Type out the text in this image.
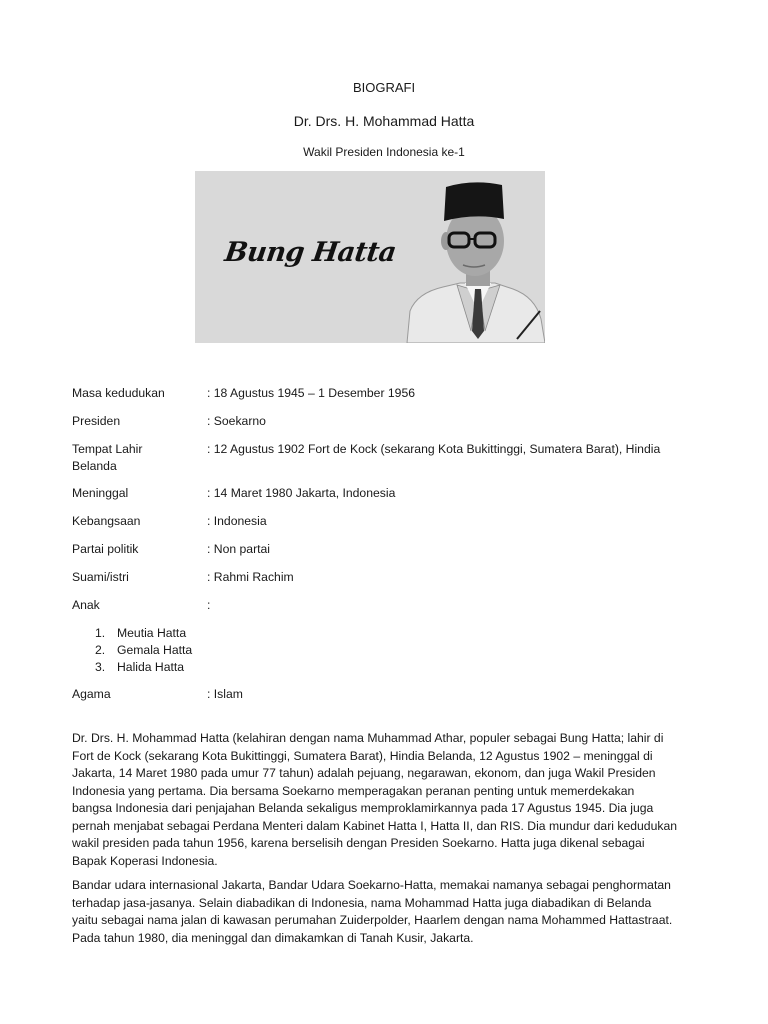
BIOGRAFI
Dr. Drs. H. Mohammad Hatta
Wakil Presiden Indonesia ke-1
Bung Hatta
Masa kedudukan	: 18 Agustus 1945 – 1 Desember 1956
Presiden	: Soekarno
Tempat Lahir	: 12 Agustus 1902 Fort de Kock (sekarang Kota Bukittinggi, Sumatera Barat), Hindia
Belanda
Meninggal	: 14 Maret 1980 Jakarta, Indonesia
Kebangsaan	: Indonesia
Partai politik	: Non partai
Suami/istri	: Rahmi Rachim
Anak	:
1. Meutia Hatta
2. Gemala Hatta
3. Halida Hatta
Agama	: Islam
Dr. Drs. H. Mohammad Hatta (kelahiran dengan nama Muhammad Athar, populer sebagai Bung Hatta; lahir di
Fort de Kock (sekarang Kota Bukittinggi, Sumatera Barat), Hindia Belanda, 12 Agustus 1902 – meninggal di
Jakarta, 14 Maret 1980 pada umur 77 tahun) adalah pejuang, negarawan, ekonom, dan juga Wakil Presiden
Indonesia yang pertama. Dia bersama Soekarno memperagakan peranan penting untuk memerdekakan
bangsa Indonesia dari penjajahan Belanda sekaligus memproklamirkannya pada 17 Agustus 1945. Dia juga
pernah menjabat sebagai Perdana Menteri dalam Kabinet Hatta I, Hatta II, dan RIS. Dia mundur dari kedudukan
wakil presiden pada tahun 1956, karena berselisih dengan Presiden Soekarno. Hatta juga dikenal sebagai
Bapak Koperasi Indonesia.
Bandar udara internasional Jakarta, Bandar Udara Soekarno-Hatta, memakai namanya sebagai penghormatan
terhadap jasa-jasanya. Selain diabadikan di Indonesia, nama Mohammad Hatta juga diabadikan di Belanda
yaitu sebagai nama jalan di kawasan perumahan Zuiderpolder, Haarlem dengan nama Mohammed Hattastraat.
Pada tahun 1980, dia meninggal dan dimakamkan di Tanah Kusir, Jakarta.
